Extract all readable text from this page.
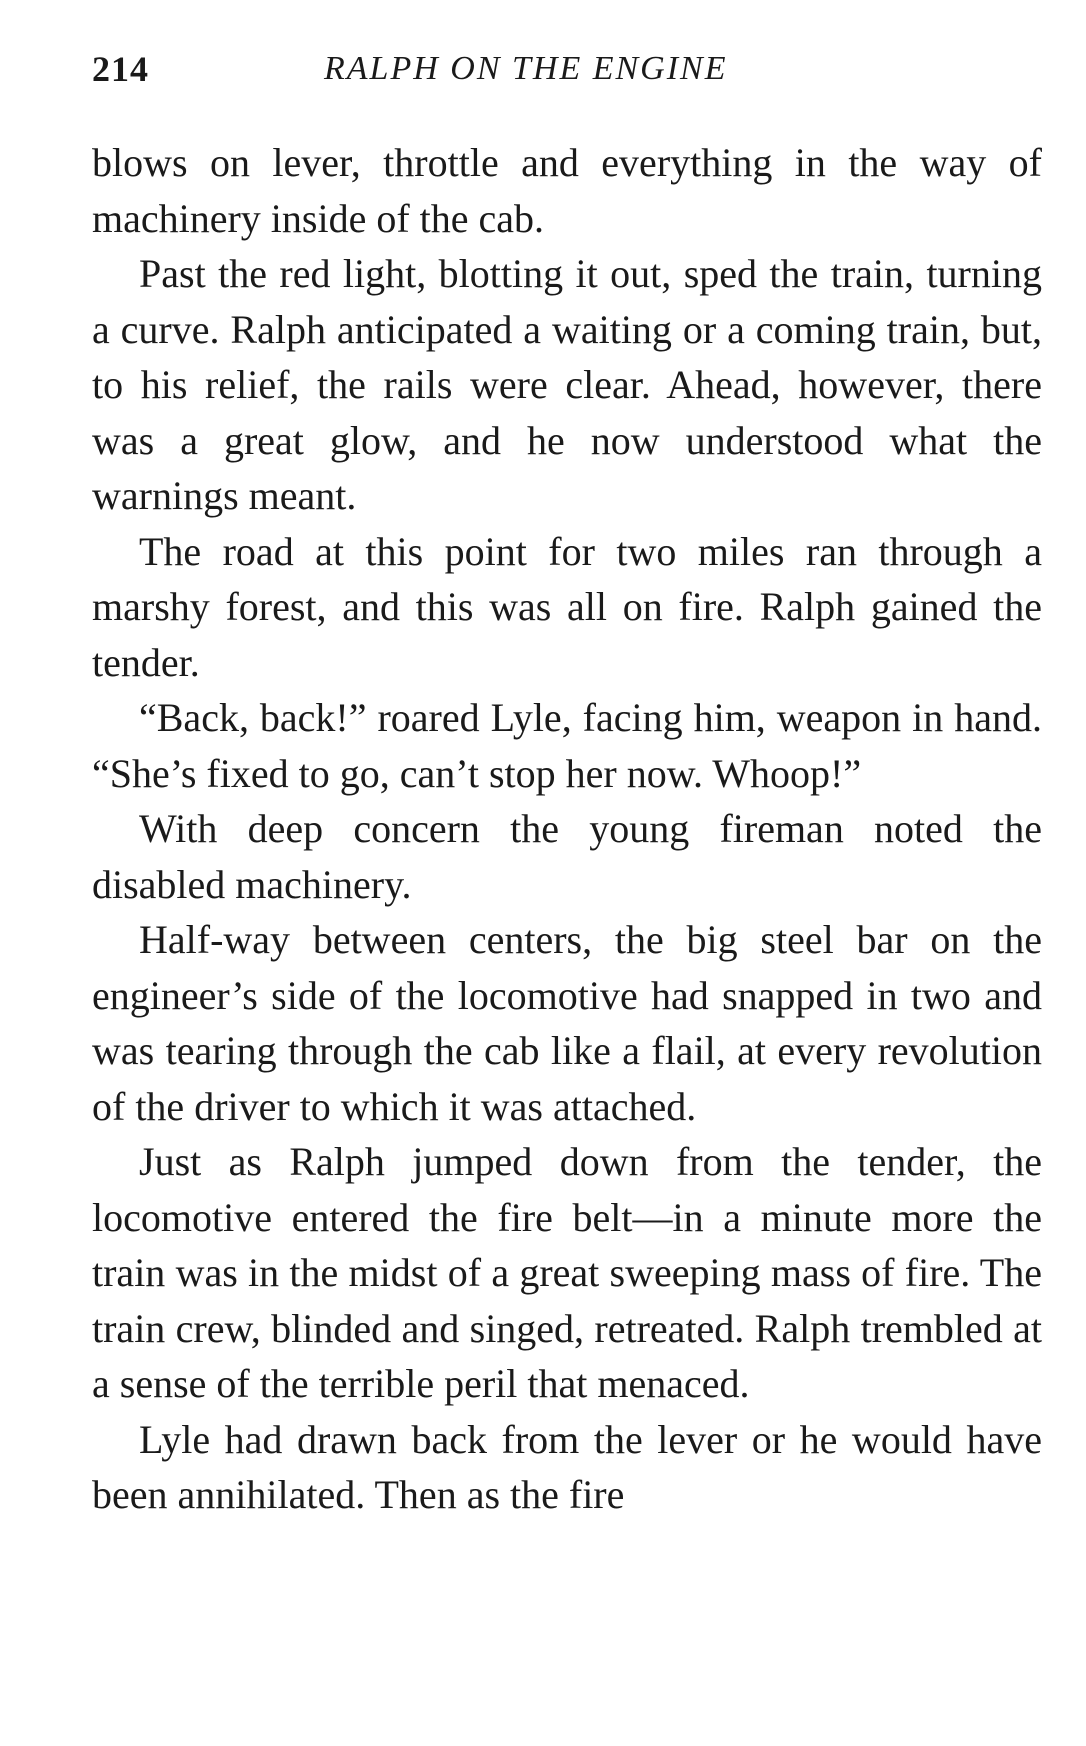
214	RALPH ON THE ENGINE

blows on lever, throttle and everything in the way of machinery inside of the cab.

Past the red light, blotting it out, sped the train, turning a curve. Ralph anticipated a waiting or a coming train, but, to his relief, the rails were clear. Ahead, however, there was a great glow, and he now understood what the warnings meant.

The road at this point for two miles ran through a marshy forest, and this was all on fire. Ralph gained the tender.

“Back, back!” roared Lyle, facing him, weapon in hand. “She’s fixed to go, can’t stop her now. Whoop!”

With deep concern the young fireman noted the disabled machinery.

Half-way between centers, the big steel bar on the engineer’s side of the locomotive had snapped in two and was tearing through the cab like a flail, at every revolution of the driver to which it was attached.

Just as Ralph jumped down from the tender, the locomotive entered the fire belt—in a minute more the train was in the midst of a great sweeping mass of fire. The train crew, blinded and singed, retreated. Ralph trembled at a sense of the terrible peril that menaced.

Lyle had drawn back from the lever or he would have been annihilated. Then as the fire
